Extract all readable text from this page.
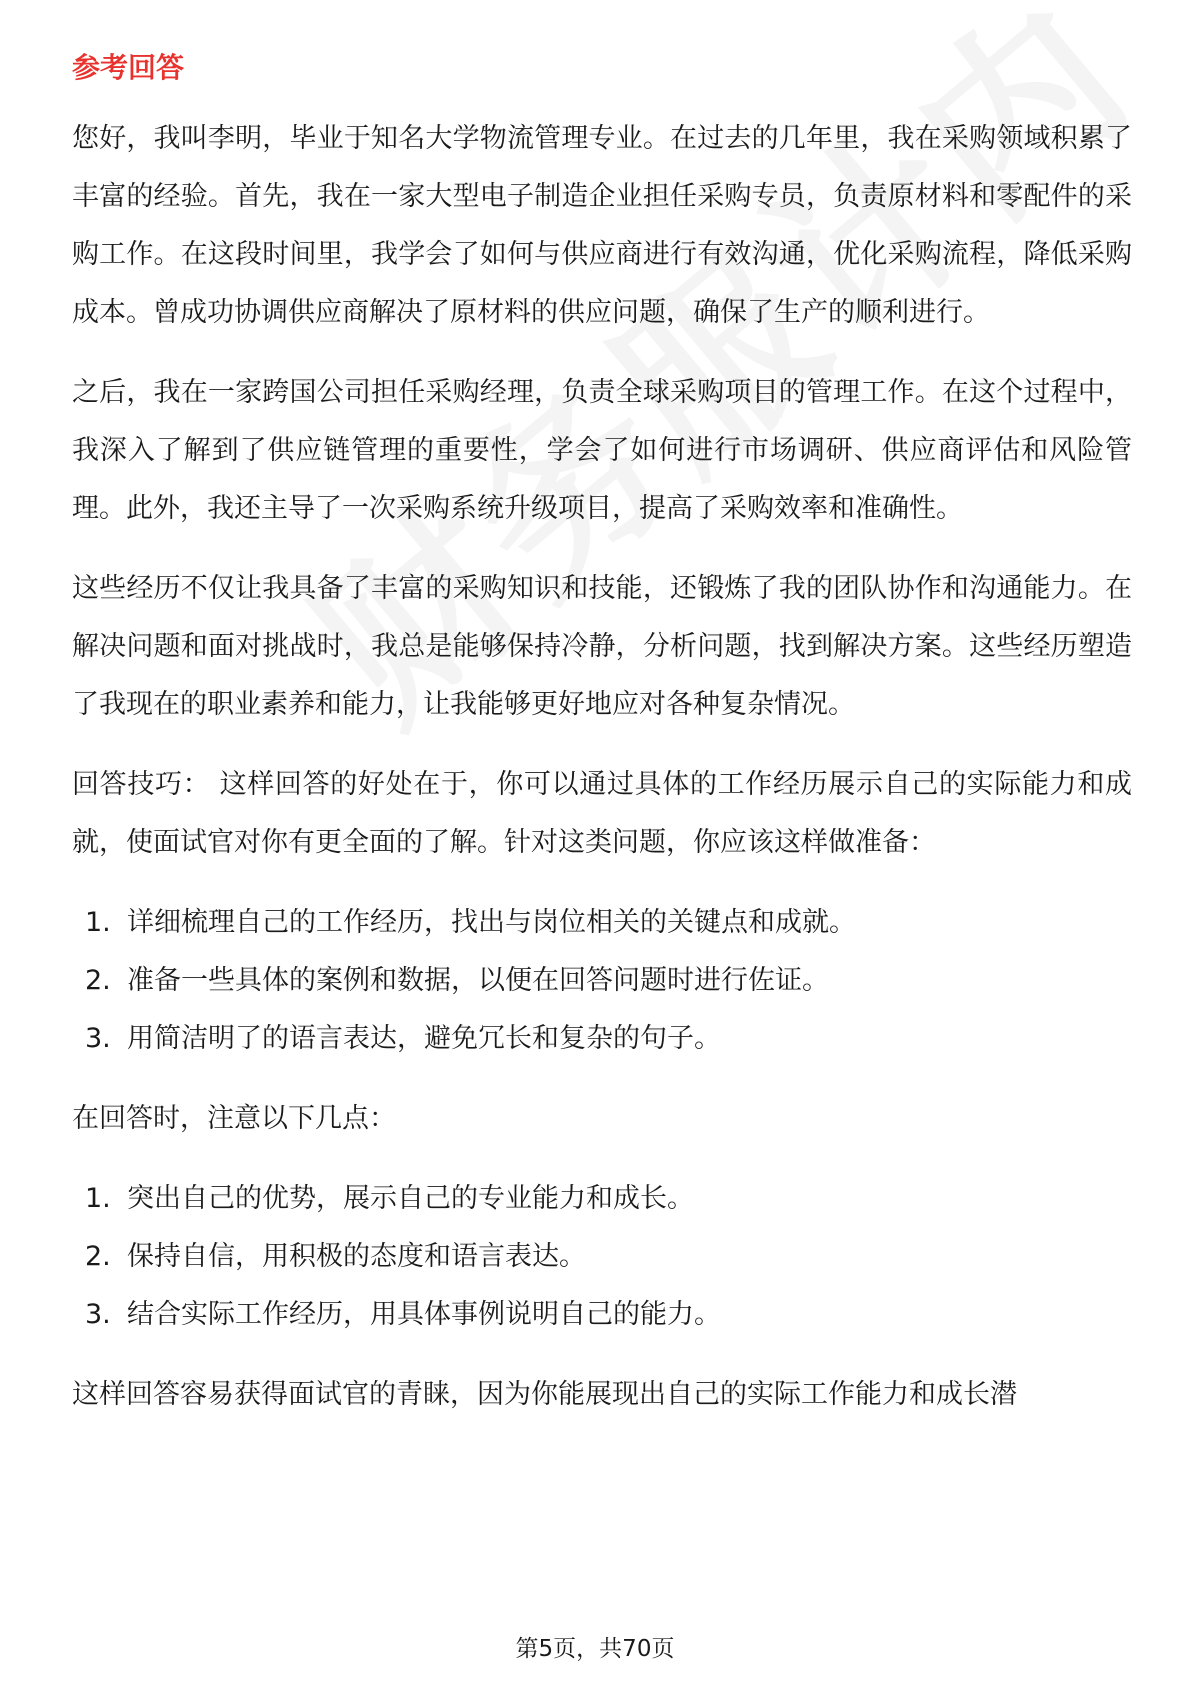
参考回答

您好，我叫李明，毕业于知名大学物流管理专业。在过去的几年里，我在采购领域积累了丰富的经验。首先，我在一家大型电子制造企业担任采购专员，负责原材料和零配件的采购工作。在这段时间里，我学会了如何与供应商进行有效沟通，优化采购流程，降低采购成本。曾成功协调供应商解决了原材料的供应问题，确保了生产的顺利进行。

之后，我在一家跨国公司担任采购经理，负责全球采购项目的管理工作。在这个过程中，我深入了解到了供应链管理的重要性，学会了如何进行市场调研、供应商评估和风险管理。此外，我还主导了一次采购系统升级项目，提高了采购效率和准确性。

这些经历不仅让我具备了丰富的采购知识和技能，还锻炼了我的团队协作和沟通能力。在解决问题和面对挑战时，我总是能够保持冷静，分析问题，找到解决方案。这些经历塑造了我现在的职业素养和能力，让我能够更好地应对各种复杂情况。

回答技巧： 这样回答的好处在于，你可以通过具体的工作经历展示自己的实际能力和成就，使面试官对你有更全面的了解。针对这类问题，你应该这样做准备：

1. 详细梳理自己的工作经历，找出与岗位相关的关键点和成就。
2. 准备一些具体的案例和数据，以便在回答问题时进行佐证。
3. 用简洁明了的语言表达，避免冗长和复杂的句子。

在回答时，注意以下几点：

1. 突出自己的优势，展示自己的专业能力和成长。
2. 保持自信，用积极的态度和语言表达。
3. 结合实际工作经历，用具体事例说明自己的能力。

这样回答容易获得面试官的青睐，因为你能展现出自己的实际工作能力和成长潜

第5页，共70页
